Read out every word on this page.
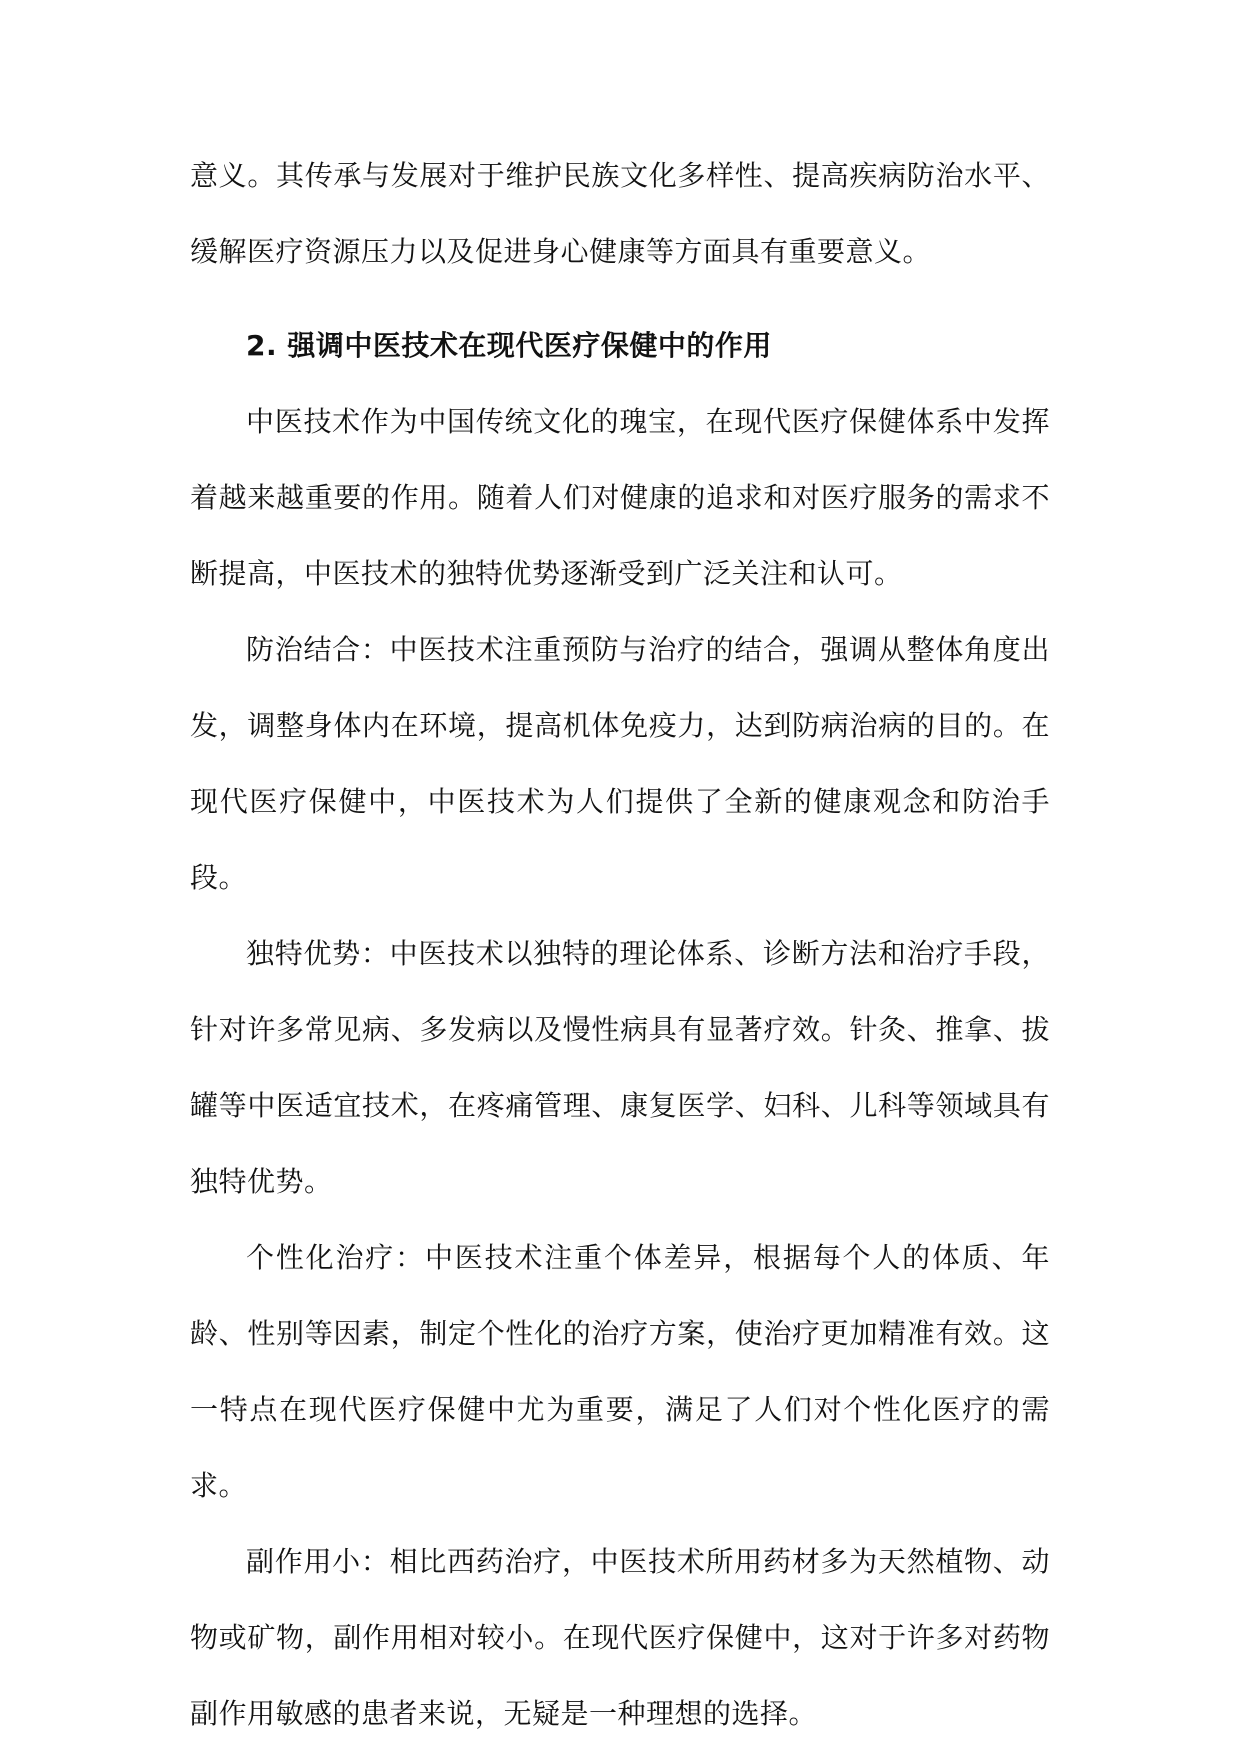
意义。其传承与发展对于维护民族文化多样性、提高疾病防治水平、缓解医疗资源压力以及促进身心健康等方面具有重要意义。

2. 强调中医技术在现代医疗保健中的作用

中医技术作为中国传统文化的瑰宝，在现代医疗保健体系中发挥着越来越重要的作用。随着人们对健康的追求和对医疗服务的需求不断提高，中医技术的独特优势逐渐受到广泛关注和认可。

防治结合：中医技术注重预防与治疗的结合，强调从整体角度出发，调整身体内在环境，提高机体免疫力，达到防病治病的目的。在现代医疗保健中，中医技术为人们提供了全新的健康观念和防治手段。

独特优势：中医技术以独特的理论体系、诊断方法和治疗手段，针对许多常见病、多发病以及慢性病具有显著疗效。针灸、推拿、拔罐等中医适宜技术，在疼痛管理、康复医学、妇科、儿科等领域具有独特优势。

个性化治疗：中医技术注重个体差异，根据每个人的体质、年龄、性别等因素，制定个性化的治疗方案，使治疗更加精准有效。这一特点在现代医疗保健中尤为重要，满足了人们对个性化医疗的需求。

副作用小：相比西药治疗，中医技术所用药材多为天然植物、动物或矿物，副作用相对较小。在现代医疗保健中，这对于许多对药物副作用敏感的患者来说，无疑是一种理想的选择。
